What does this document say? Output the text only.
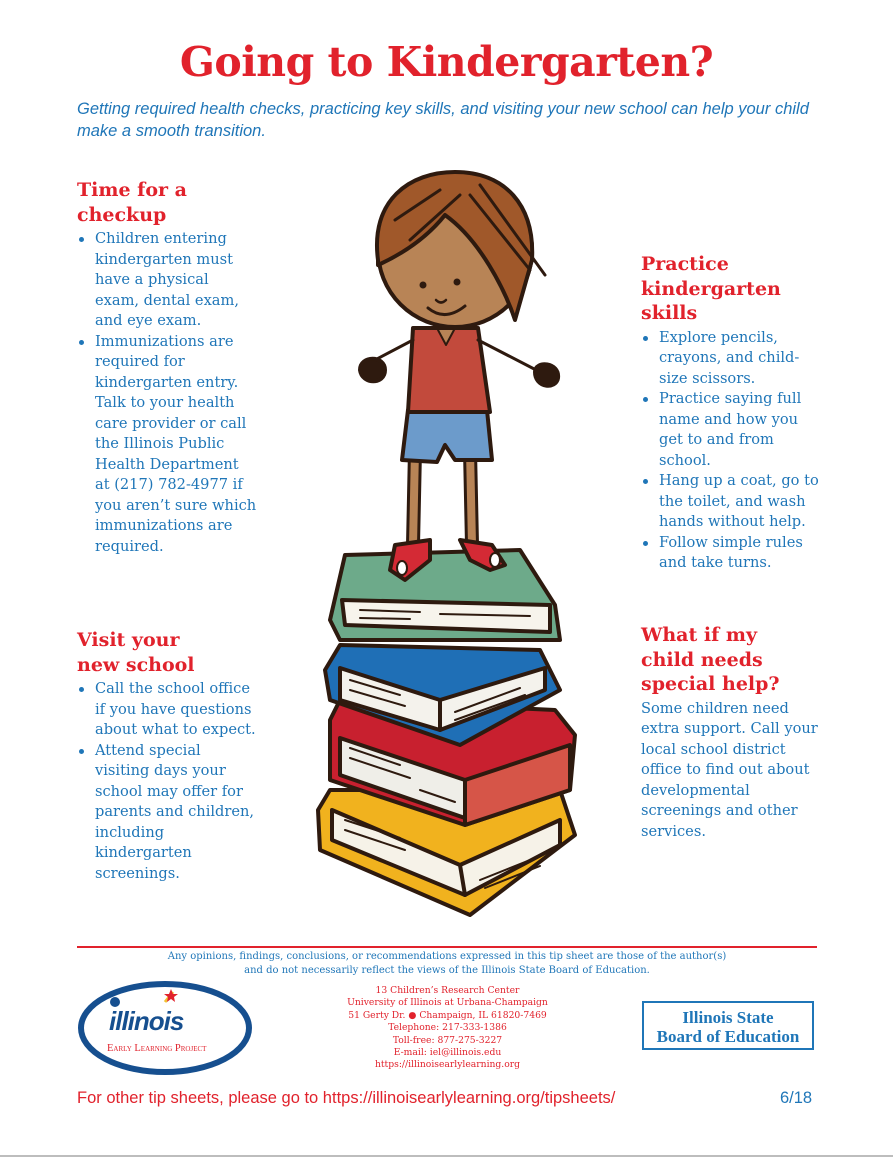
Going to Kindergarten?

Getting required health checks, practicing key skills, and visiting your new school can help your child make a smooth transition.

Time for a
checkup
Children entering kindergarten must have a physical exam, dental exam, and eye exam.
Immunizations are required for kindergarten entry. Talk to your health care provider or call the Illinois Public Health Department at (217) 782-4977 if you aren’t sure which immunizations are required.
Visit your
new school
Call the school office if you have questions about what to expect.
Attend special visiting days your school may offer for parents and children, including kindergarten screenings.
Practice
kindergarten
skills
Explore pencils, crayons, and child-size scissors.
Practice saying full name and how you get to and from school.
Hang up a coat, go to the toilet, and wash hands without help.
Follow simple rules and take turns.
What if my
child needs
special help?

Some children need extra support. Call your local school district office to find out about developmental screenings and other services.

Any opinions, findings, conclusions, or recommendations expressed in this tip sheet are those of the author(s)
and do not necessarily reflect the views of the Illinois State Board of Education.
illinois
Early Learning Project
13 Children’s Research Center
University of Illinois at Urbana-Champaign
51 Gerty Dr. ● Champaign, IL 61820-7469
Telephone: 217-333-1386
Toll-free: 877-275-3227
E-mail: iel@illinois.edu
https://illinoisearlylearning.org
Illinois State
Board of Education
For other tip sheets, please go to https://illinoisearlylearning.org/tipsheets/	6/18
